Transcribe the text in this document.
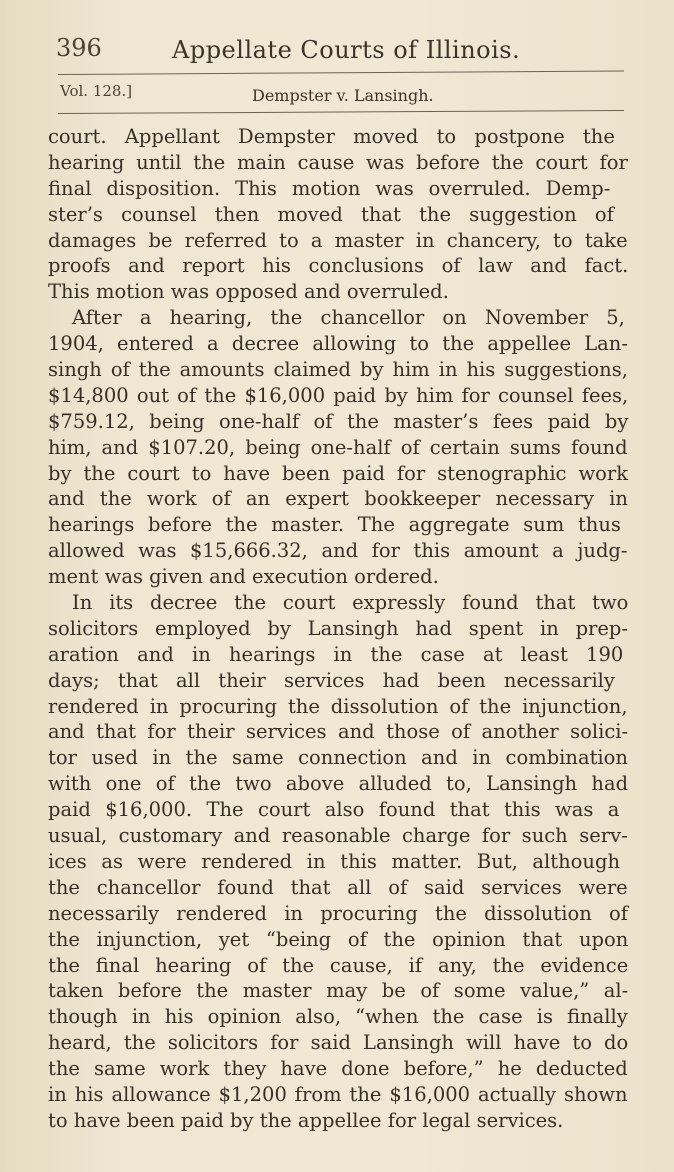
396	Appellate Courts of Illinois.
Vol. 128.]	Dempster v. Lansingh.
court. Appellant Dempster moved to postpone the
hearing until the main cause was before the court for
final disposition. This motion was overruled. Demp-
ster’s counsel then moved that the suggestion of
damages be referred to a master in chancery, to take
proofs and report his conclusions of law and fact.
This motion was opposed and overruled.
After a hearing, the chancellor on November 5,
1904, entered a decree allowing to the appellee Lan-
singh of the amounts claimed by him in his suggestions,
$14,800 out of the $16,000 paid by him for counsel fees,
$759.12, being one-half of the master’s fees paid by
him, and $107.20, being one-half of certain sums found
by the court to have been paid for stenographic work
and the work of an expert bookkeeper necessary in
hearings before the master. The aggregate sum thus
allowed was $15,666.32, and for this amount a judg-
ment was given and execution ordered.
In its decree the court expressly found that two
solicitors employed by Lansingh had spent in prep-
aration and in hearings in the case at least 190
days; that all their services had been necessarily
rendered in procuring the dissolution of the injunction,
and that for their services and those of another solici-
tor used in the same connection and in combination
with one of the two above alluded to, Lansingh had
paid $16,000. The court also found that this was a
usual, customary and reasonable charge for such serv-
ices as were rendered in this matter. But, although
the chancellor found that all of said services were
necessarily rendered in procuring the dissolution of
the injunction, yet “being of the opinion that upon
the final hearing of the cause, if any, the evidence
taken before the master may be of some value,” al-
though in his opinion also, “when the case is finally
heard, the solicitors for said Lansingh will have to do
the same work they have done before,” he deducted
in his allowance $1,200 from the $16,000 actually shown
to have been paid by the appellee for legal services.
